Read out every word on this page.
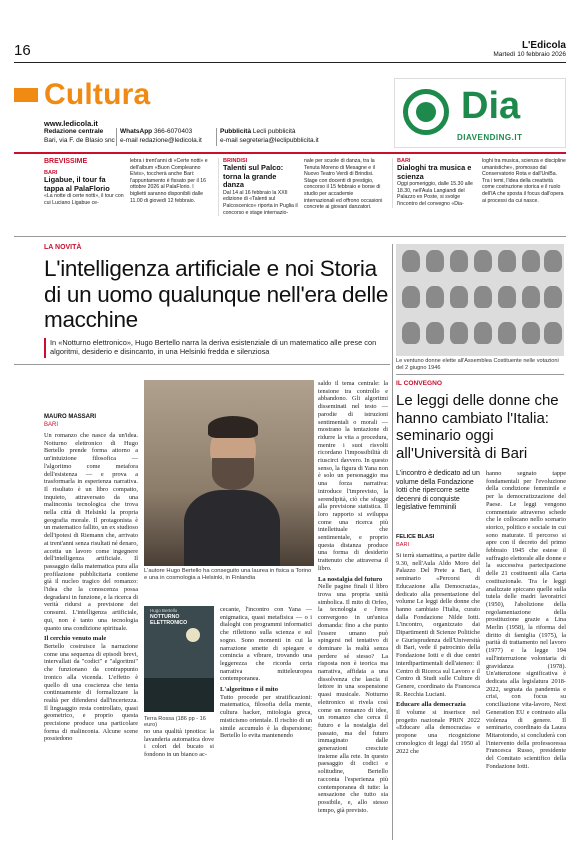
16	L'Edicola
Martedì 10 febbraio 2026
Cultura
www.ledicola.it
Redazione centrale
Bari, via F. de Blasio snc
WhatsApp 366-6070403
e-mail redazione@ledicola.it
Pubblicità Lecli pubblicità
e-mail segreteria@leclipubblicita.it
Dia
DIAVENDING.IT
BREVISSIME
BARI
Ligabue, il tour fa tappa al PalaFlorio
«La notte di certe notti», il tour con cui Luciano Ligabue ce-
lebra i trent'anni di «Certe notti» e dell'album «Buon Compleanno Elvis», toccherà anche Bari: l'appuntamento è fissato per il 16 ottobre 2026 al PalaFlorio. I biglietti saranno disponibili dalle 11.00 di giovedì 12 febbraio.
BRINDISI
Talenti sul Palco: torna la grande danza
Dal 14 al 16 febbraio la XXII edizione di «Talenti sul Palcoscenico» riporta in Puglia il concorso e stage internazio-
nale per scuole di danza, tra la Tenuta Moreno di Mesagne e il Nuovo Teatro Verdi di Brindisi. Stage con docenti di prestigio, concorso il 15 febbraio e borse di studio per accademie internazionali ed offrono occasioni concrete ai giovani danzatori.
BARI
Dialoghi tra musica e scienza
Oggi pomeriggio, dalle 15.30 alle 18.30, nell'Aula Langiandi del Palazzo ex Poste, si svolge l'incontro del convegno «Dia-
loghi tra musica, scienza e discipline umanistiche», promosso dal Conservatorio Rota e dall'UniBa. Tra i temi, l'idea della creatività come costruzione storica e il ruolo dell'IA che sposta il focus dall'opera ai processi da cui nasce.
LA NOVITÀ
L'intelligenza artificiale e noi Storia di un uomo qualunque nell'era delle macchine
In «Notturno elettronico», Hugo Bertello narra la deriva esistenziale di un matematico alle prese con algoritmi, desiderio e disincanto, in una Helsinki fredda e silenziosa
MAURO MASSARI
BARI

Un romanzo che nasce da un'idea. Notturno elettronico di Hugo Bertello prende forma attorno a un'intuizione filosofica — l'algoritmo come metafora dell'esistenza — e prova a trasformarla in esperienza narrativa. Il risultato è un libro compatto, inquieto, attraversato da una malinconia tecnologica che trova nella città di Helsinki la propria geografia morale. Il protagonista è un matematico fallito, un ex studioso dell'ipotesi di Riemann che, arrivato ai trent'anni senza risultati né denaro, accetta un lavoro come ingegnere dell'intelligenza artificiale. Il passaggio dalla matematica pura alla profilazione pubblicitaria contiene già il nucleo tragico del romanzo: l'idea che la conoscenza possa degradarsi in funzione, e la ricerca di verità ridursi a previsione dei consumi. L'intelligenza artificiale, qui, non è tanto una tecnologia quanto una condizione spirituale.

Il cerchio venuto male

Bertello costruisce la narrazione come una sequenza di episodi brevi, intervallati da "codici" e "algoritmi" che funzionano da contrappunto ironico alla vicenda. L'effetto è quello di una coscienza che tenta continuamente di formalizzare la realtà per difendersi dall'incertezza. Il linguaggio resta controllato, quasi geometrico, e proprio questa precisione produce una particolare forma di malinconia. Alcune scene possiedono

L'autore Hugo Bertello ha conseguito una laurea in fisica a Torino e una in cosmologia a Helsinki, in Finlandia
Hugo Bertello
NOTTURNO ELETTRONICO
Terra Rossa (186 pp - 16 euro)

no una qualità ipnotica: la lavanderia automatica dove i colori del bucato si fondono in un bianco ac-

cecante, l'incontro con Yana — enigmatica, quasi metafisica — o i dialoghi con programmi informatici che riflettono sulla scienza e sul sogno. Sono momenti in cui la narrazione smette di spiegare e comincia a vibrare, trovando una leggerezza che ricorda certa narrativa mitteleuropea contemporanea.

L'algoritmo e il mito

Tutto procede per stratificazioni: matematica, filosofia della mente, cultura hacker, mitologia greca, misticismo orientale. Il rischio di un simile accumulo è la dispersione; Bertello lo evita mantenendo

saldo il tema centrale: la tensione tra controllo e abbandono. Gli algoritmi disseminati nel testo — parodie di istruzioni sentimentali o morali — mostrano la tentazione di ridurre la vita a procedura, mentre i suoi risvolti ricordano l'impossibilità di riuscirci davvero. In questo senso, la figura di Yana non è solo un personaggio ma una forza narrativa: introduce l'imprevisto, la serendipità, ciò che sfugge alla previsione statistica. Il loro rapporto si sviluppa come una ricerca più intellettuale che sentimentale, e proprio questa distanza produce una forma di desiderio trattenuto che attraversa il libro.

La nostalgia del futuro

Nelle pagine finali il libro trova una propria unità simbolica. Il mito di Orfeo, la tecnologia e l'eros convergono in un'unica domanda: fino a che punto l'essere umano può spingersi nel tentativo di dominare la realtà senza perdere sé stesso? La risposta non è teorica ma narrativa, affidata a una dissolvenza che lascia il lettore in una sospensione quasi musicale. Notturno elettronico si rivela così come un romanzo di idee, un romanzo che cerca il futuro e la nostalgia del passato, ma del futuro immaginato dalle generazioni cresciute insieme alla rete. In questo paesaggio di codici e solitudine, Bertello racconta l'esperienza più contemporanea di tutte: la sensazione che tutto sia possibile, e, allo stesso tempo, già previsto.

Le ventuno donne elette all'Assemblea Costituente nelle votazioni del 2 giugno 1946
IL CONVEGNO
Le leggi delle donne che hanno cambiato l'Italia: seminario oggi all'Università di Bari
L'incontro è dedicato ad un volume della Fondazione Iotti che ripercorre sette decenni di conquiste legislative femminili
FELICE BLASI
BARI

Si terrà stamattina, a partire dalle 9.30, nell'Aula Aldo Moro del Palazzo Del Prete a Bari, il seminario «Percorsi di Educazione alla Democrazia», dedicato alla presentazione del volume Le leggi delle donne che hanno cambiato l'Italia, curato dalla Fondazione Nilde Iotti. L'incontro, organizzato dai Dipartimenti di Scienze Politiche e Giurisprudenza dell'Università di Bari, vede il patrocinio della Fondazione Iotti e di due centri interdipartimentali dell'ateneo: il Centro di Ricerca sul Lavoro e il Centro di Studi sulle Culture di Genere, coordinato da Francesca R. Recchia Luciani.

Educare alla democrazia

Il volume si inserisce nel progetto nazionale PRIN 2022 «Educare alla democrazia» e propone una ricognizione cronologico di leggi dal 1950 al 2022 che

hanno segnato tappe fondamentali per l'evoluzione della condizione femminile e per la democratizzazione del Paese. Le leggi vengono commentate attraverso schede che le collocano nello scenario storico, politico e sociale in cui sono maturate. Il percorso si apre con il decreto del primo febbraio 1945 che estese il suffragio elettorale alle donne e la successiva partecipazione delle 21 costituenti alla Carta costituzionale. Tra le leggi analizzate spiccano quelle sulla tutela delle madri lavoratrici (1950), l'abolizione della regolamentazione della prostituzione grazie a Lina Merlin (1958), la riforma del diritto di famiglia (1975), la parità di trattamento nel lavoro (1977) e la legge 194 sull'interruzione volontaria di gravidanza (1978). Un'attenzione significativa è dedicata alla legislatura 2018-2022, segnata da pandemia e crisi, con focus su conciliazione vita-lavoro, Next Generation EU e contrasto alla violenza di genere. Il seminario, coordinato da Laura Mitarotondo, si concluderà con l'intervento della professoressa Francesca Russo, presidente del Comitato scientifico della Fondazione Iotti.
